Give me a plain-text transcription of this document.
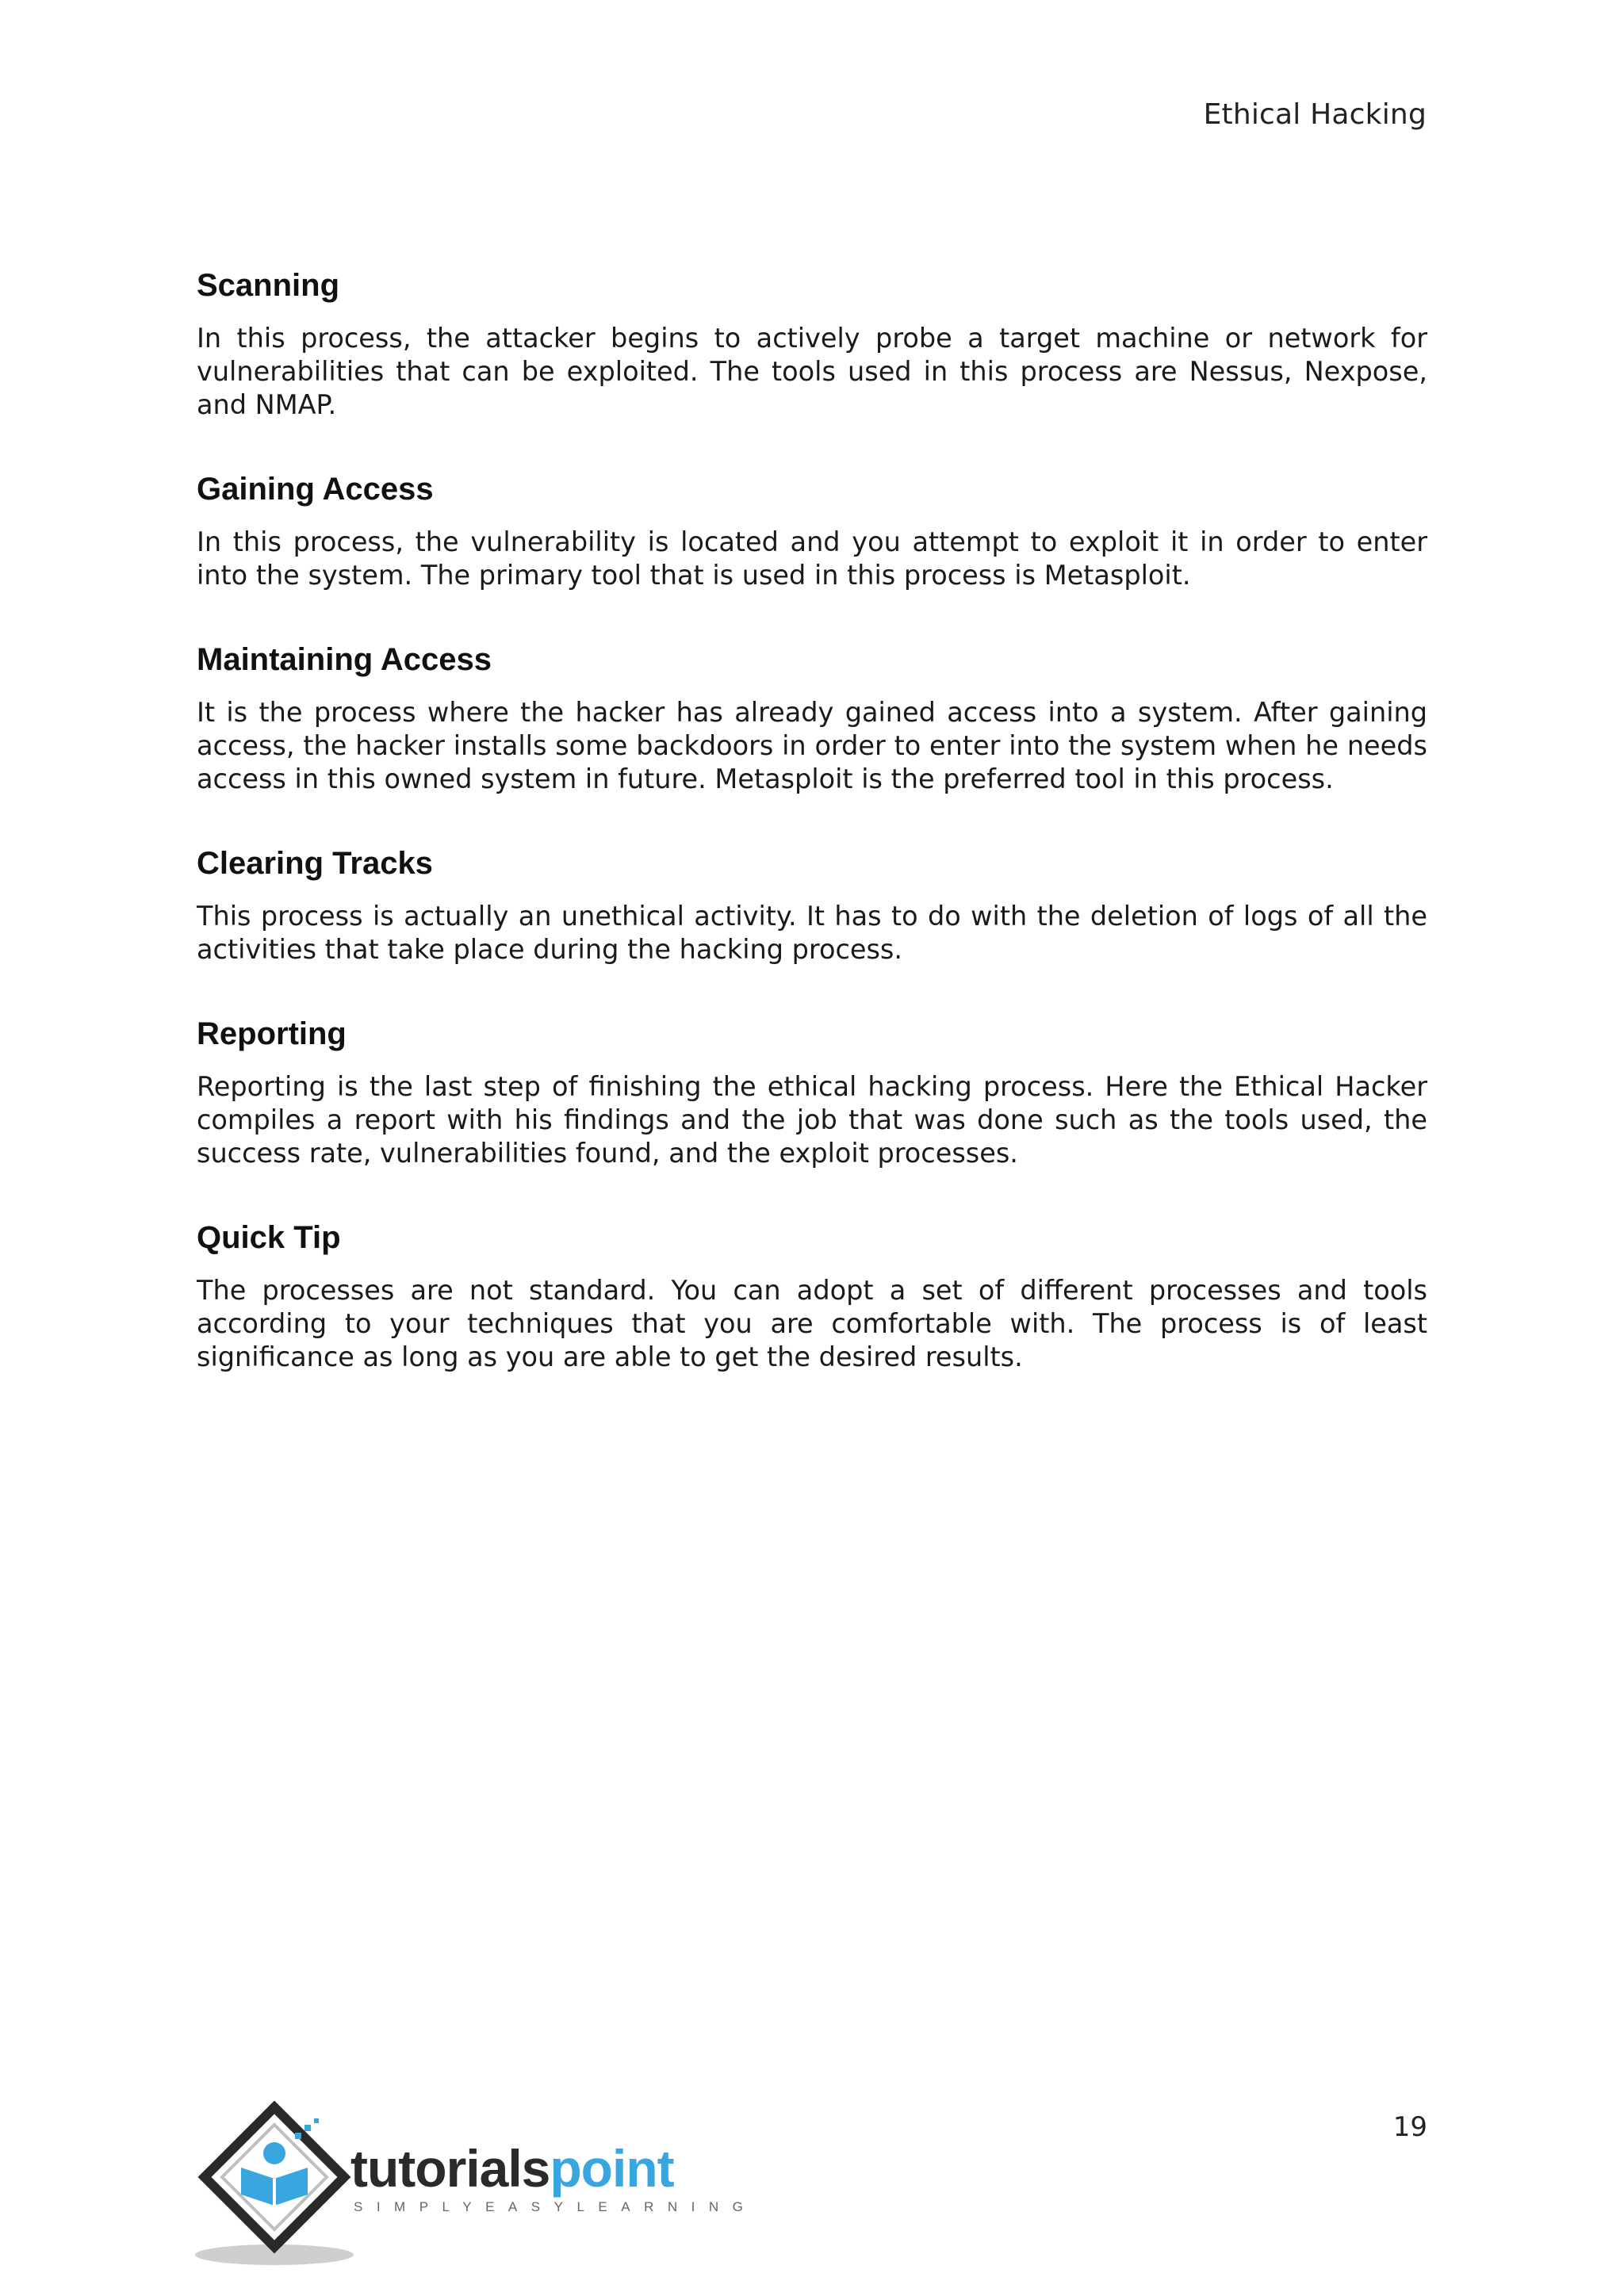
Ethical Hacking
Scanning

In this process, the attacker begins to actively probe a target machine or network for vulnerabilities that can be exploited. The tools used in this process are Nessus, Nexpose, and NMAP.

Gaining Access

In this process, the vulnerability is located and you attempt to exploit it in order to enter into the system. The primary tool that is used in this process is Metasploit.

Maintaining Access

It is the process where the hacker has already gained access into a system. After gaining access, the hacker installs some backdoors in order to enter into the system when he needs access in this owned system in future. Metasploit is the preferred tool in this process.

Clearing Tracks

This process is actually an unethical activity. It has to do with the deletion of logs of all the activities that take place during the hacking process.

Reporting

Reporting is the last step of finishing the ethical hacking process. Here the Ethical Hacker compiles a report with his findings and the job that was done such as the tools used, the success rate, vulnerabilities found, and the exploit processes.

Quick Tip

The processes are not standard. You can adopt a set of different processes and tools according to your techniques that you are comfortable with. The process is of least significance as long as you are able to get the desired results.

19
tutorialspoint
SIMPLYEASYLEARNING
